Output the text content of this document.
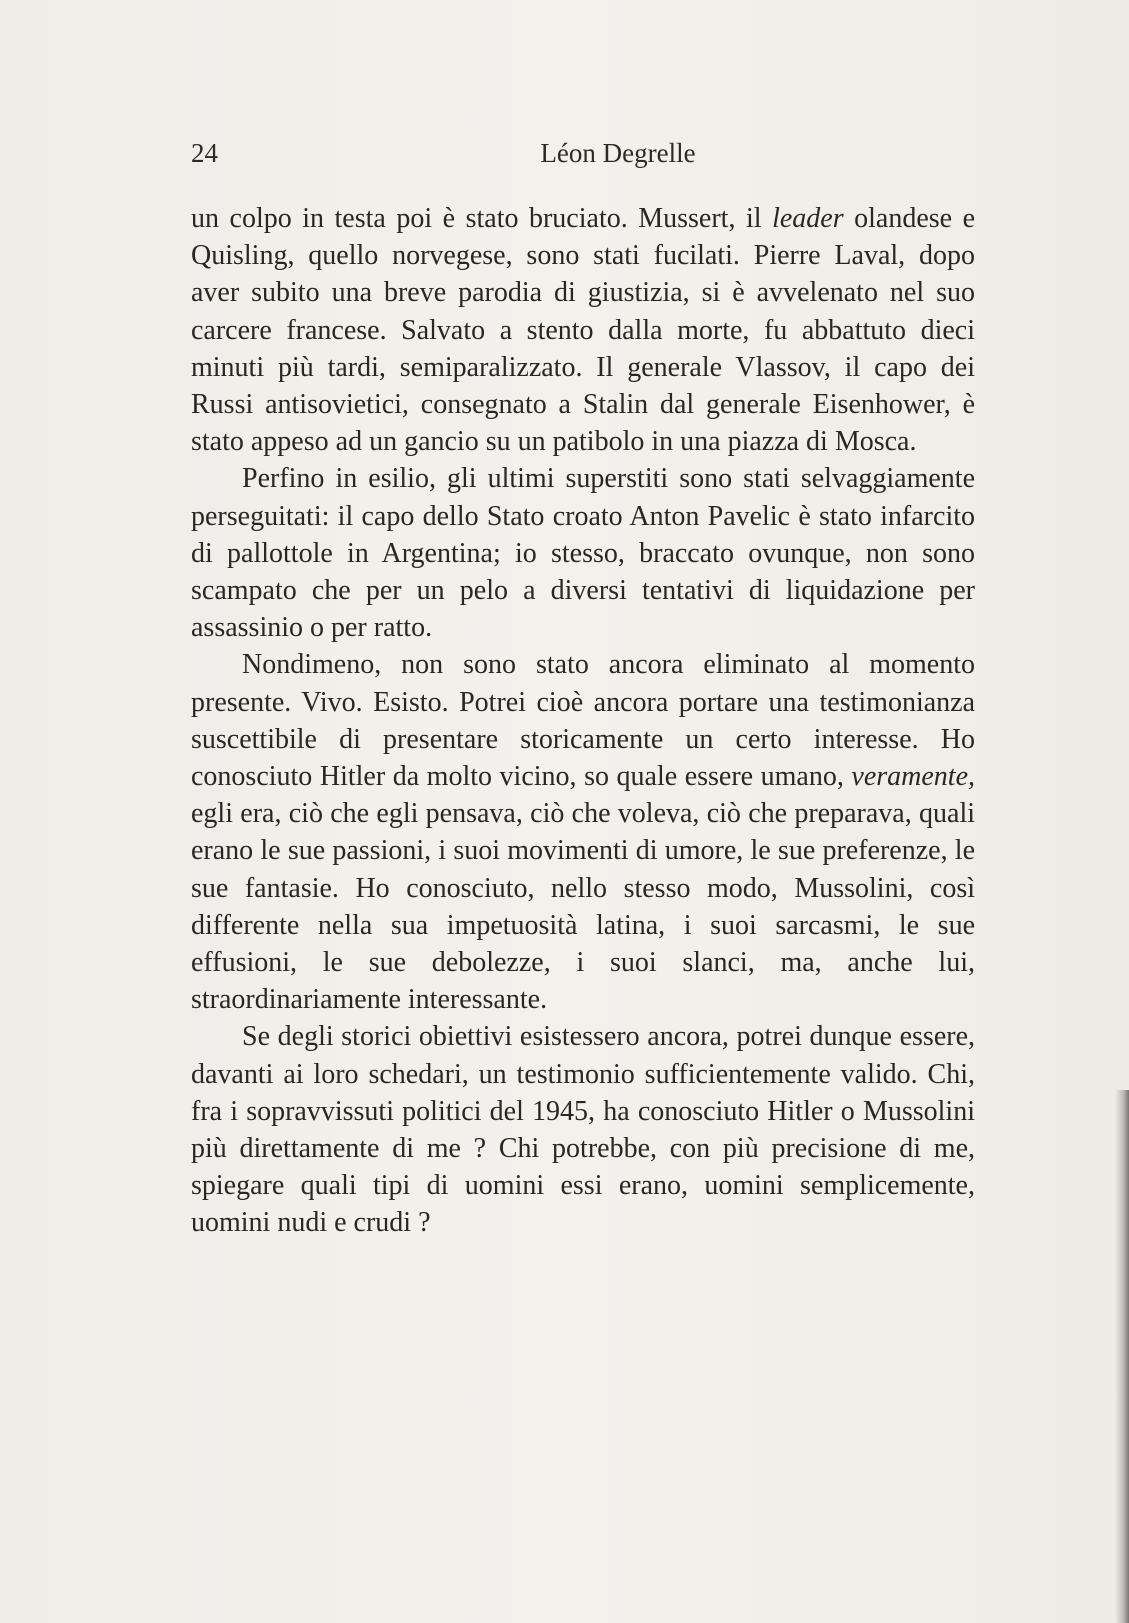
24	Léon Degrelle

un colpo in testa poi è stato bruciato. Mussert, il leader olandese e Quisling, quello norvegese, sono stati fucilati. Pierre Laval, dopo aver subito una breve parodia di giustizia, si è avvelenato nel suo carcere francese. Salvato a stento dalla morte, fu abbattuto dieci minuti più tardi, semiparalizzato. Il generale Vlassov, il capo dei Russi antisovietici, consegnato a Stalin dal generale Eisenhower, è stato appeso ad un gancio su un patibolo in una piazza di Mosca.

Perfino in esilio, gli ultimi superstiti sono stati selvaggiamente perseguitati: il capo dello Stato croato Anton Pavelic è stato infarcito di pallottole in Argentina; io stesso, braccato ovunque, non sono scampato che per un pelo a diversi tentativi di liquidazione per assassinio o per ratto.

Nondimeno, non sono stato ancora eliminato al momento presente. Vivo. Esisto. Potrei cioè ancora portare una testimonianza suscettibile di presentare storicamente un certo interesse. Ho conosciuto Hitler da molto vicino, so quale essere umano, veramente, egli era, ciò che egli pensava, ciò che voleva, ciò che preparava, quali erano le sue passioni, i suoi movimenti di umore, le sue preferenze, le sue fantasie. Ho conosciuto, nello stesso modo, Mussolini, così differente nella sua impetuosità latina, i suoi sarcasmi, le sue effusioni, le sue debolezze, i suoi slanci, ma, anche lui, straordinariamente interessante.

Se degli storici obiettivi esistessero ancora, potrei dunque essere, davanti ai loro schedari, un testimonio sufficientemente valido. Chi, fra i sopravvissuti politici del 1945, ha conosciuto Hitler o Mussolini più direttamente di me ? Chi potrebbe, con più precisione di me, spiegare quali tipi di uomini essi erano, uomini semplicemente, uomini nudi e crudi ?
